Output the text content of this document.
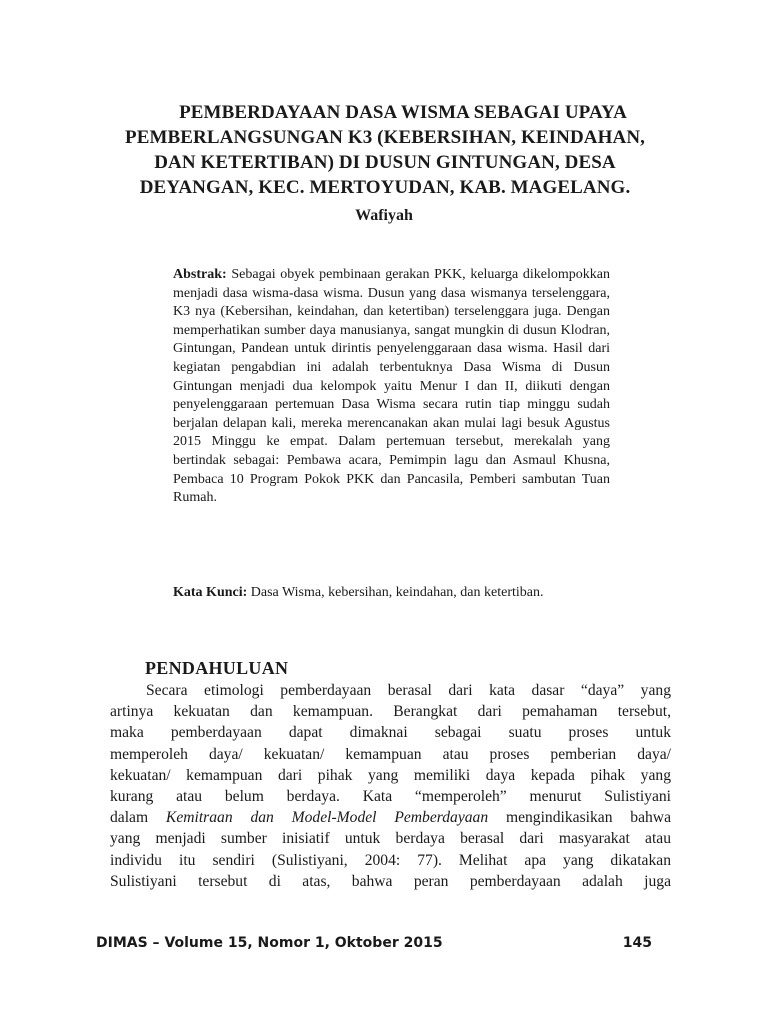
PEMBERDAYAAN DASA WISMA SEBAGAI UPAYA
PEMBERLANGSUNGAN K3 (KEBERSIHAN, KEINDAHAN,
DAN KETERTIBAN) DI DUSUN GINTUNGAN, DESA
DEYANGAN, KEC. MERTOYUDAN, KAB. MAGELANG.
Wafiyah
Abstrak: Sebagai obyek pembinaan gerakan PKK, keluarga dikelompokkan menjadi dasa wisma-dasa wisma. Dusun yang dasa wismanya terselenggara, K3 nya (Kebersihan, keindahan, dan ketertiban) terselenggara juga. Dengan memperhatikan sumber daya manusianya, sangat mungkin di dusun Klodran, Gintungan, Pandean untuk dirintis penyelenggaraan dasa wisma. Hasil dari kegiatan pengabdian ini adalah terbentuknya Dasa Wisma di Dusun Gintungan menjadi dua kelompok yaitu Menur I dan II, diikuti dengan penyelenggaraan pertemuan Dasa Wisma secara rutin tiap minggu sudah berjalan delapan kali, mereka merencanakan akan mulai lagi besuk Agustus 2015 Minggu ke empat. Dalam pertemuan tersebut, merekalah yang bertindak sebagai: Pembawa acara, Pemimpin lagu dan Asmaul Khusna, Pembaca 10 Program Pokok PKK dan Pancasila, Pemberi sambutan Tuan Rumah.
Kata Kunci: Dasa Wisma, kebersihan, keindahan, dan ketertiban.
PENDAHULUAN
Secara etimologi pemberdayaan berasal dari kata dasar “daya” yang
artinya kekuatan dan kemampuan. Berangkat dari pemahaman tersebut,
maka pemberdayaan dapat dimaknai sebagai suatu proses untuk
memperoleh daya/ kekuatan/ kemampuan atau proses pemberian daya/
kekuatan/ kemampuan dari pihak yang memiliki daya kepada pihak yang
kurang atau belum berdaya. Kata “memperoleh” menurut Sulistiyani
dalam Kemitraan dan Model-Model Pemberdayaan mengindikasikan bahwa
yang menjadi sumber inisiatif untuk berdaya berasal dari masyarakat atau
individu itu sendiri (Sulistiyani, 2004: 77). Melihat apa yang dikatakan
Sulistiyani tersebut di atas, bahwa peran pemberdayaan adalah juga
DIMAS – Volume 15, Nomor 1, Oktober 2015	145
